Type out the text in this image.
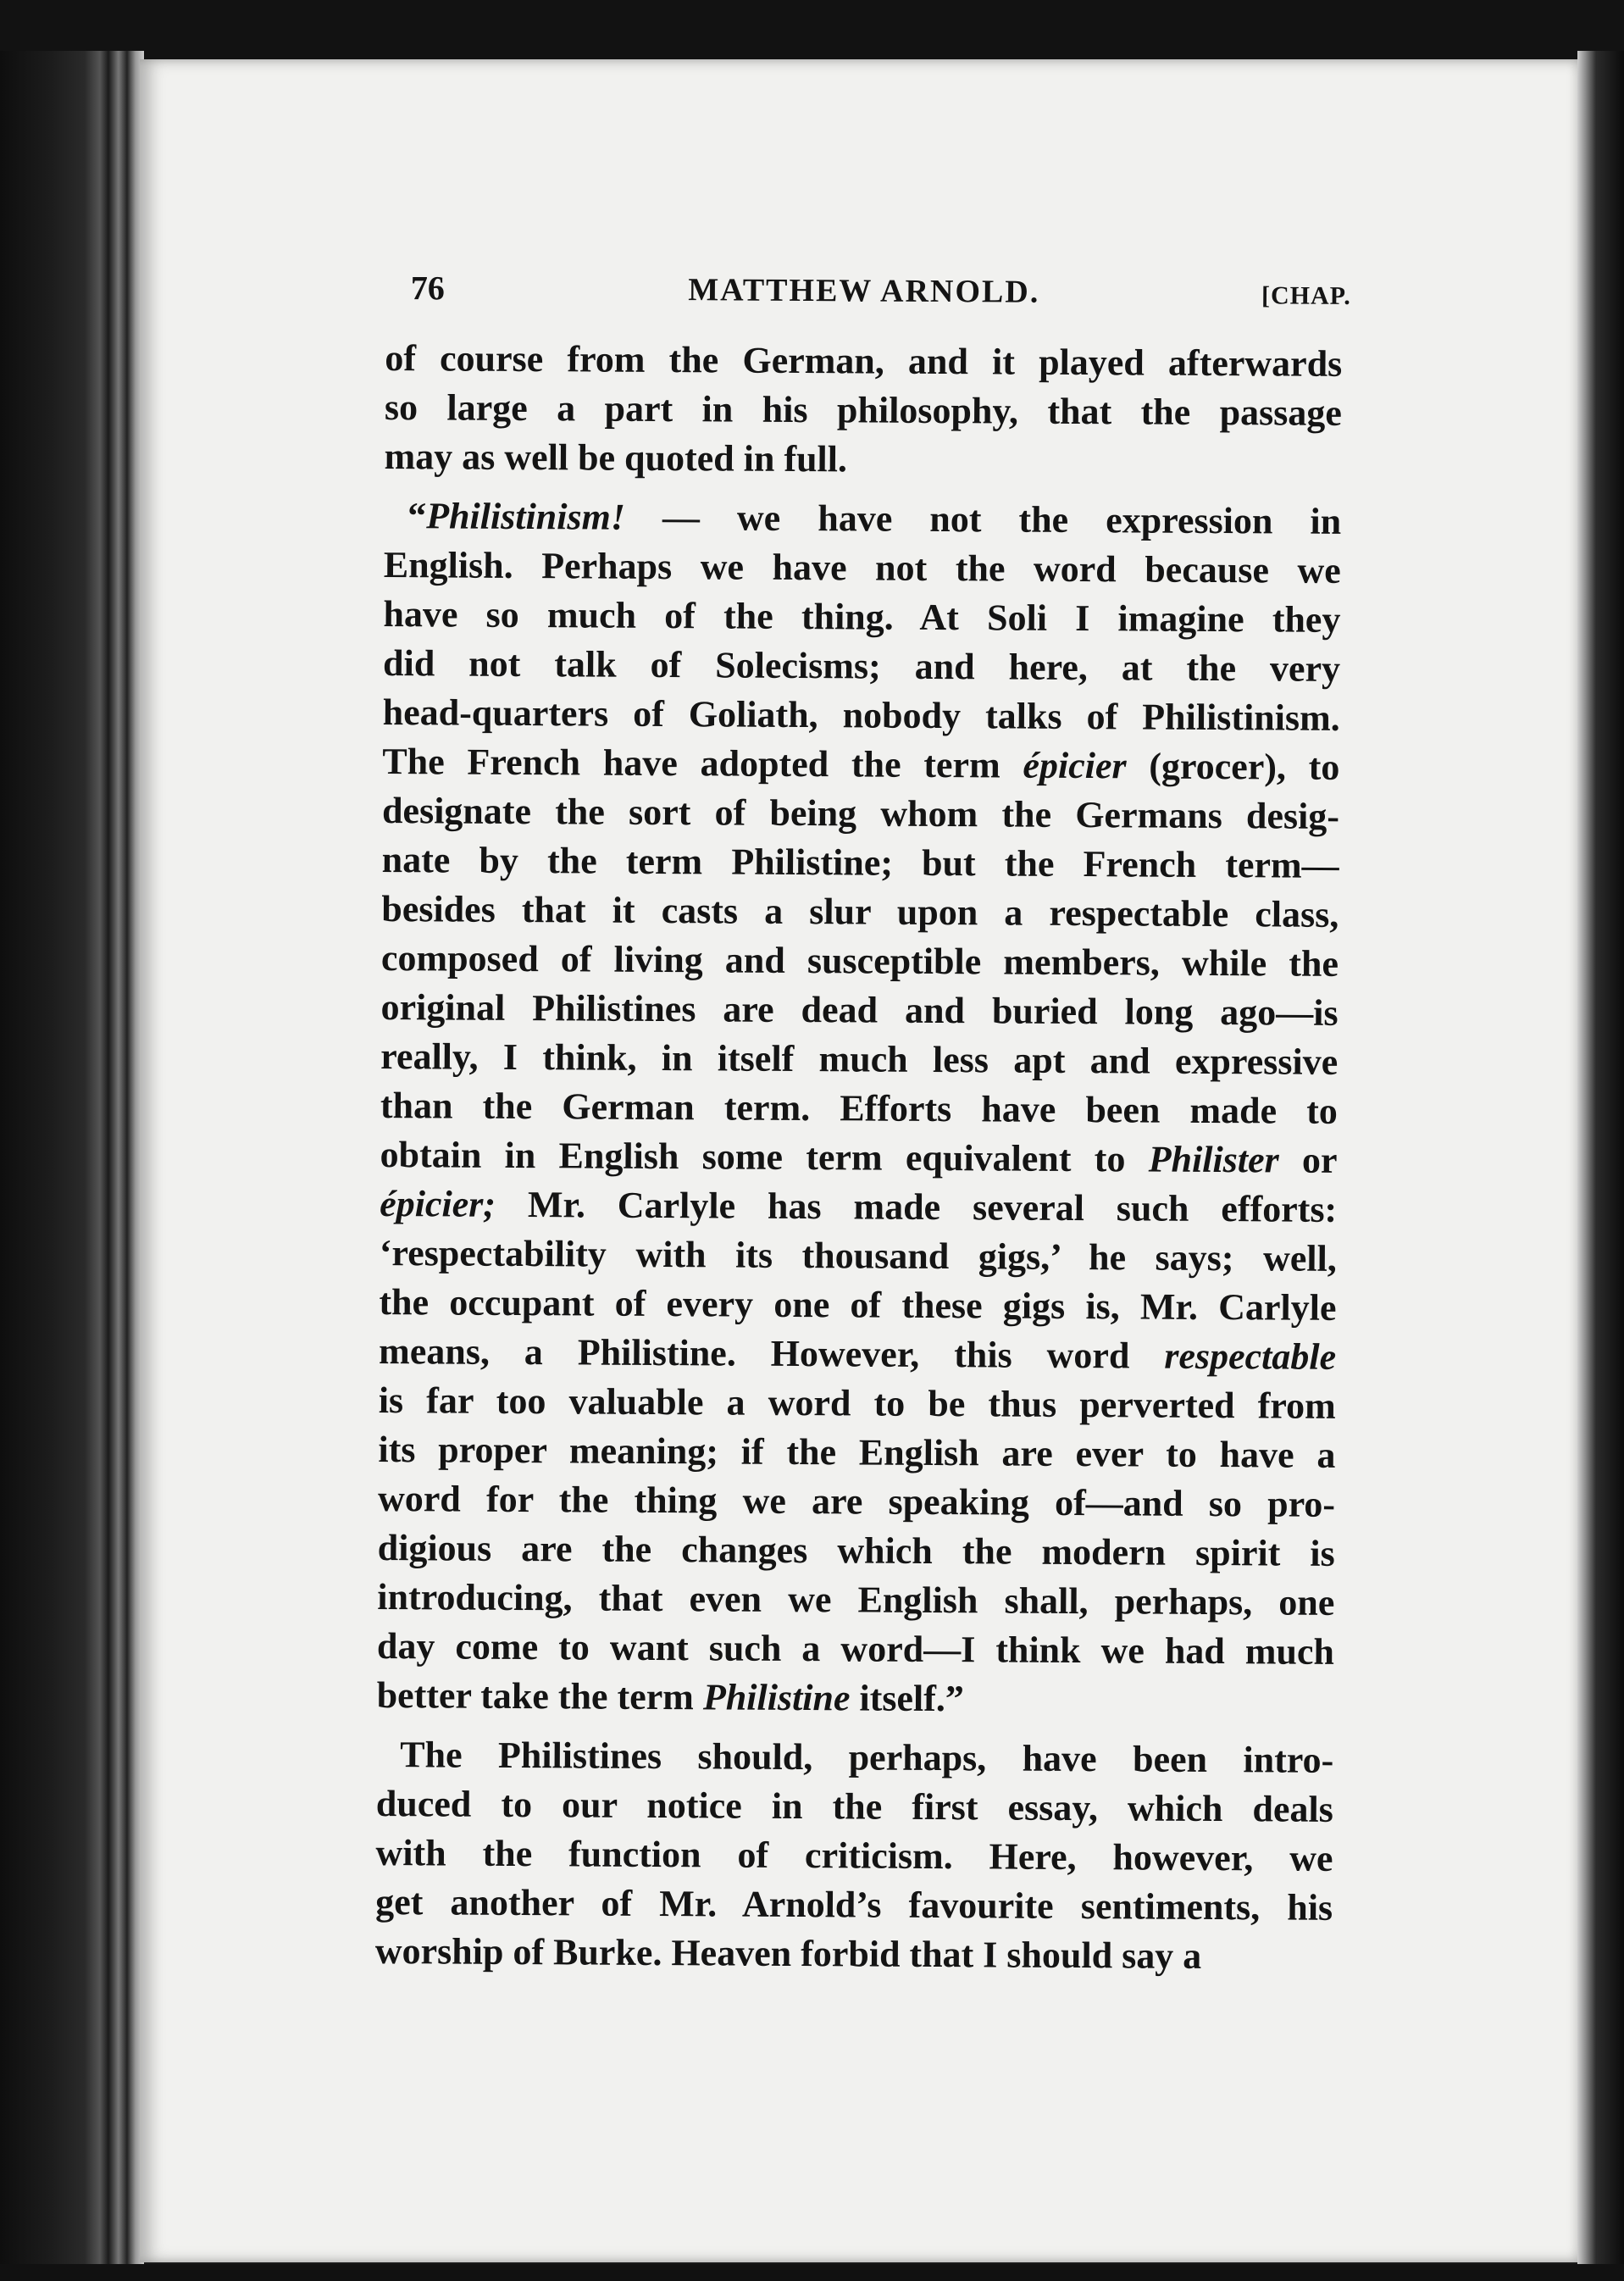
76	MATTHEW ARNOLD.	[CHAP.

of course from the German, and it played afterwards
so large a part in his philosophy, that the passage
may as well be quoted in full.

“Philistinism! — we have not the expression in
English. Perhaps we have not the word because we
have so much of the thing. At Soli I imagine they
did not talk of Solecisms; and here, at the very
head-quarters of Goliath, nobody talks of Philistinism.
The French have adopted the term épicier (grocer), to
designate the sort of being whom the Germans desig-
nate by the term Philistine; but the French term—
besides that it casts a slur upon a respectable class,
composed of living and susceptible members, while the
original Philistines are dead and buried long ago—is
really, I think, in itself much less apt and expressive
than the German term. Efforts have been made to
obtain in English some term equivalent to Philister or
épicier; Mr. Carlyle has made several such efforts:
‘respectability with its thousand gigs,’ he says; well,
the occupant of every one of these gigs is, Mr. Carlyle
means, a Philistine. However, this word respectable
is far too valuable a word to be thus perverted from
its proper meaning; if the English are ever to have a
word for the thing we are speaking of—and so pro-
digious are the changes which the modern spirit is
introducing, that even we English shall, perhaps, one
day come to want such a word—I think we had much
better take the term Philistine itself.”

The Philistines should, perhaps, have been intro-
duced to our notice in the first essay, which deals
with the function of criticism. Here, however, we
get another of Mr. Arnold’s favourite sentiments, his
worship of Burke. Heaven forbid that I should say a
